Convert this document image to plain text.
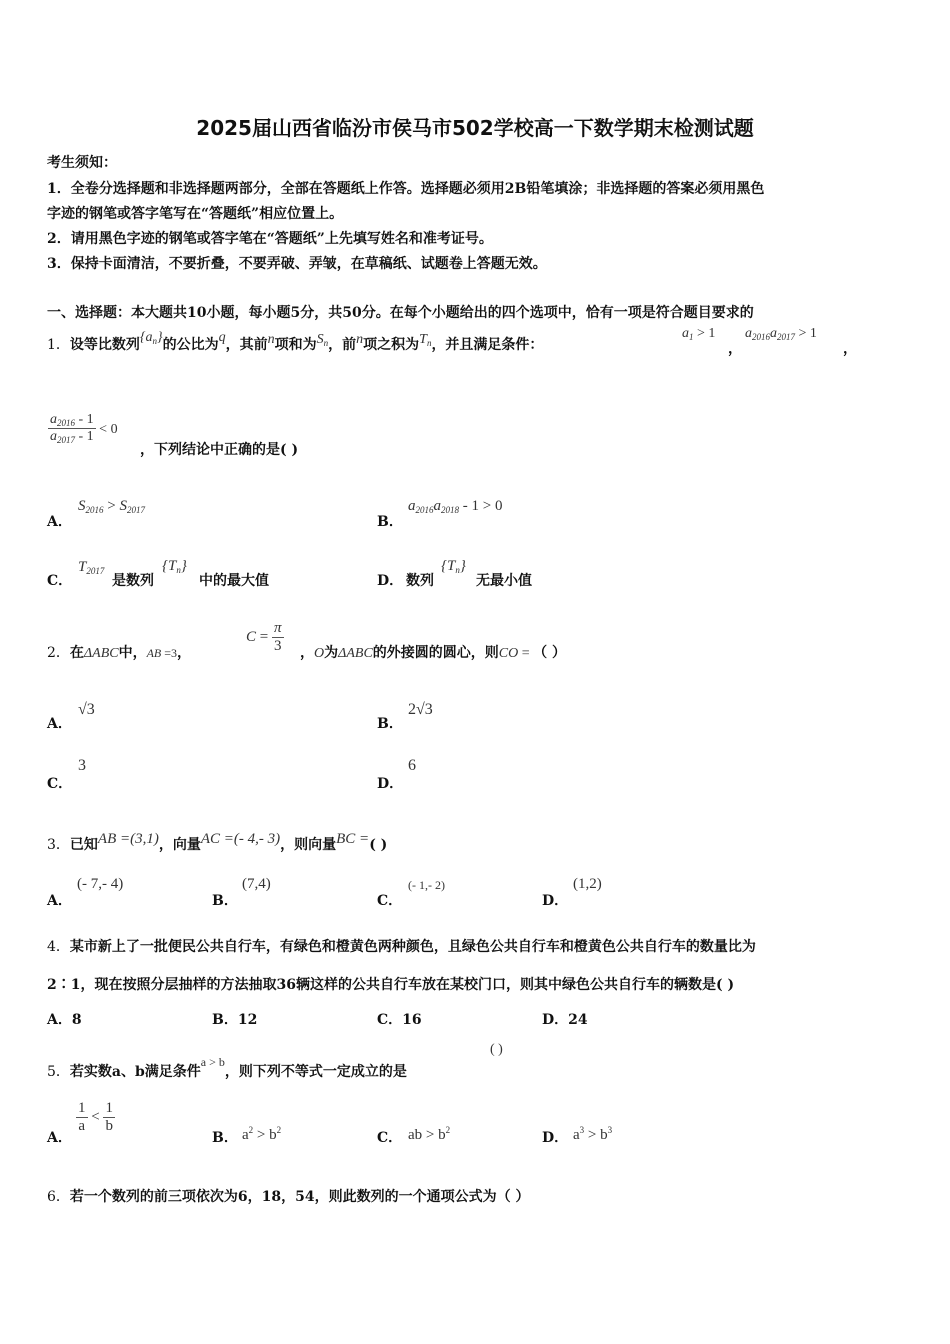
2025届山西省临汾市侯马市502学校高一下数学期末检测试题
考生须知：
1．全卷分选择题和非选择题两部分，全部在答题纸上作答。选择题必须用2B铅笔填涂；非选择题的答案必须用黑色
字迹的钢笔或答字笔写在“答题纸”相应位置上。
2．请用黑色字迹的钢笔或答字笔在“答题纸”上先填写姓名和准考证号。
3．保持卡面清洁，不要折叠，不要弄破、弄皱，在草稿纸、试题卷上答题无效。
一、选择题：本大题共10小题，每小题5分，共50分。在每个小题给出的四个选项中，恰有一项是符合题目要求的
1．设等比数列$\{a_n\}$的公比为q，其前n项和为$S_n$，前n项之积为$T_n$，并且满足条件：
$a_1 > 1$
，
$a_{2016}a_{2017} > 1$
，
$\frac{a_{2016} - 1}{a_{2017} - 1} < 0$
，下列结论中正确的是( )
A．
$S_{2016} > S_{2017}$
B．
$a_{2016}a_{2018} - 1 > 0$
C．
$T_{2017}$
是数列
$\{T_n\}$
中的最大值	D． 数列
$\{T_n\}$
无最小值
2．在ΔABC中，AB =3，
$C = \frac{\pi}{3}$ ，O为ΔABC的外接圆的圆心，则CO = （ ）
A．
√3
B．
2√3
C．
3
D．
6
3．已知AB =(3,1)，向量AC =(- 4,- 3)，则向量BC =( )
A．
(- 7,- 4)
B．
(7,4)
C．
(- 1,- 2)
D．
(1,2)
4．某市新上了一批便民公共自行车，有绿色和橙黄色两种颜色，且绿色公共自行车和橙黄色公共自行车的数量比为
2∶1，现在按照分层抽样的方法抽取36辆这样的公共自行车放在某校门口，则其中绿色公共自行车的辆数是( )
A．8	B．12	C．16	D．24
5．若实数a、b满足条件a > b，则下列不等式一定成立的是
( )
A．
$\frac{1}{a} < \frac{1}{b}$
B． $a^2 > b^2$	C． ab > $b^2$	D． $a^3 > b^3$
6．若一个数列的前三项依次为6，18，54，则此数列的一个通项公式为（ ）
